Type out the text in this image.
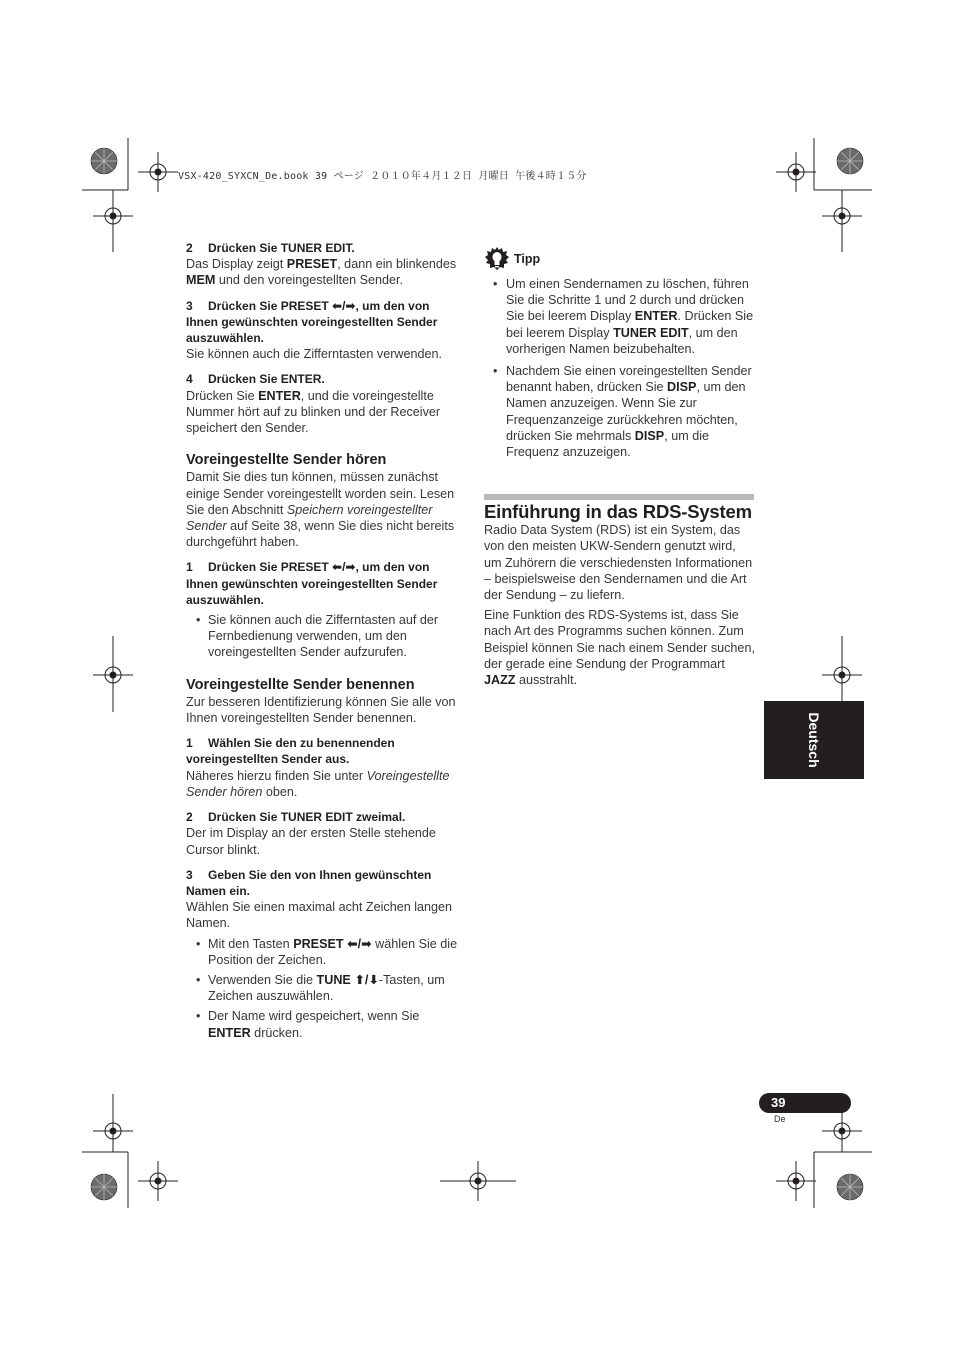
VSX-420_SYXCN_De.book 39 ページ ２０１０年４月１２日 月曜日 午後４時１５分

2 Drücken Sie TUNER EDIT.

Das Display zeigt PRESET, dann ein blinkendes MEM und den voreingestellten Sender.

3 Drücken Sie PRESET ⬅/➡, um den von Ihnen gewünschten voreingestellten Sender auszuwählen.

Sie können auch die Zifferntasten verwenden.

4 Drücken Sie ENTER.

Drücken Sie ENTER, und die voreingestellte Nummer hört auf zu blinken und der Receiver speichert den Sender.

Voreingestellte Sender hören

Damit Sie dies tun können, müssen zunächst einige Sender voreingestellt worden sein. Lesen Sie den Abschnitt Speichern voreingestellter Sender auf Seite 38, wenn Sie dies nicht bereits durchgeführt haben.

1 Drücken Sie PRESET ⬅/➡, um den von Ihnen gewünschten voreingestellten Sender auszuwählen.

• Sie können auch die Zifferntasten auf der Fernbedienung verwenden, um den voreingestellten Sender aufzurufen.
Voreingestellte Sender benennen

Zur besseren Identifizierung können Sie alle von Ihnen voreingestellten Sender benennen.

1 Wählen Sie den zu benennenden voreingestellten Sender aus.

Näheres hierzu finden Sie unter Voreingestellte Sender hören oben.

2 Drücken Sie TUNER EDIT zweimal.

Der im Display an der ersten Stelle stehende Cursor blinkt.

3 Geben Sie den von Ihnen gewünschten Namen ein.

Wählen Sie einen maximal acht Zeichen langen Namen.

• Mit den Tasten PRESET ⬅/➡ wählen Sie die Position der Zeichen.
• Verwenden Sie die TUNE ⬆/⬇-Tasten, um Zeichen auszuwählen.
• Der Name wird gespeichert, wenn Sie ENTER drücken.
Tipp
• Um einen Sendernamen zu löschen, führen Sie die Schritte 1 und 2 durch und drücken Sie bei leerem Display ENTER. Drücken Sie bei leerem Display TUNER EDIT, um den vorherigen Namen beizubehalten.
• Nachdem Sie einen voreingestellten Sender benannt haben, drücken Sie DISP, um den Namen anzuzeigen. Wenn Sie zur Frequenzanzeige zurückkehren möchten, drücken Sie mehrmals DISP, um die Frequenz anzuzeigen.
Einführung in das RDS-System

Radio Data System (RDS) ist ein System, das von den meisten UKW-Sendern genutzt wird, um Zuhörern die verschiedensten Informationen – beispielsweise den Sendernamen und die Art der Sendung – zu liefern.

Eine Funktion des RDS-Systems ist, dass Sie nach Art des Programms suchen können. Zum Beispiel können Sie nach einem Sender suchen, der gerade eine Sendung der Programmart JAZZ ausstrahlt.

Deutsch
39
De
